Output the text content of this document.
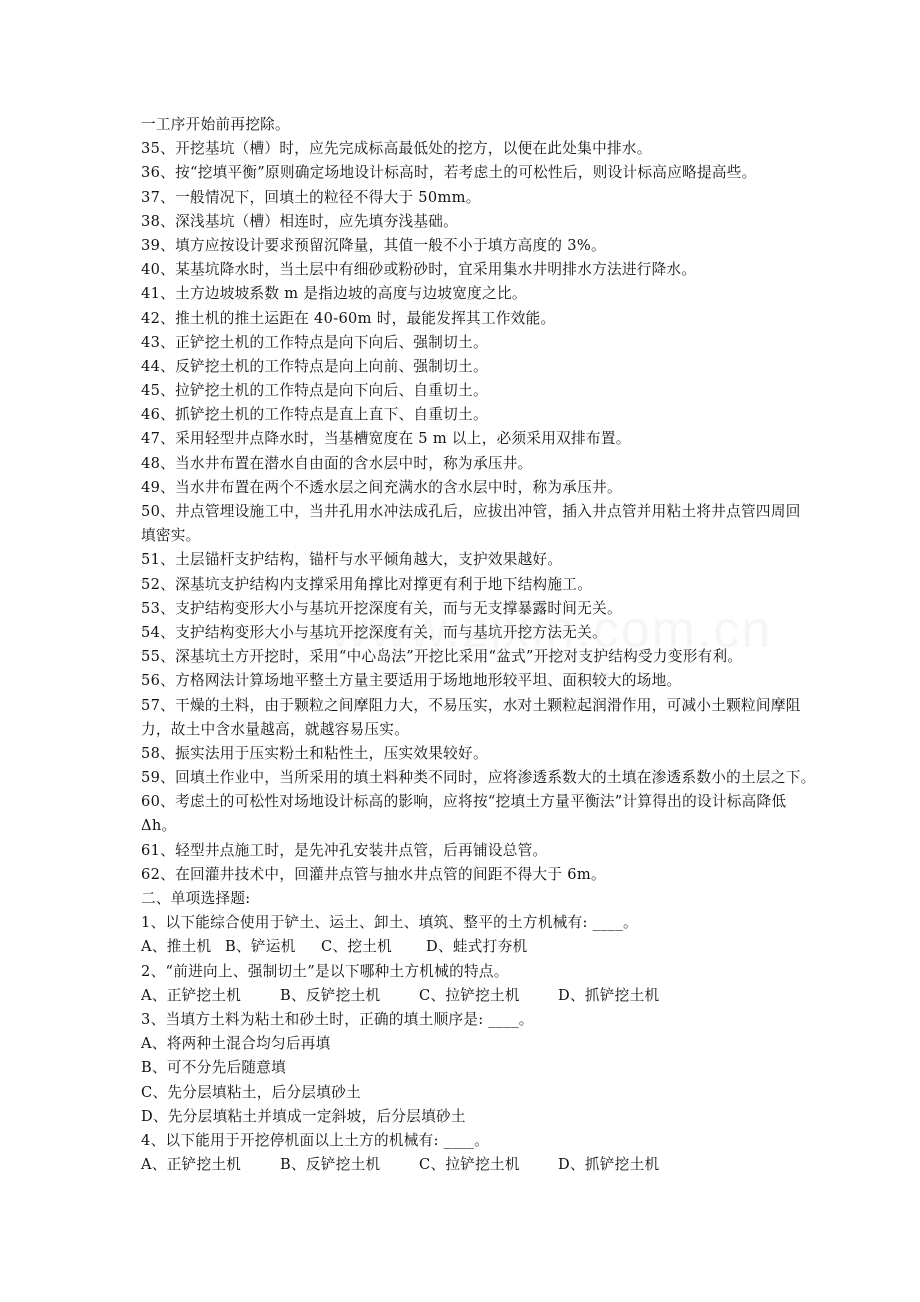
一工序开始前再挖除。
35、开挖基坑（槽）时，应先完成标高最低处的挖方，以便在此处集中排水。
36、按“挖填平衡”原则确定场地设计标高时，若考虑土的可松性后，则设计标高应略提高些。
37、一般情况下，回填土的粒径不得大于 50mm。
38、深浅基坑（槽）相连时，应先填夯浅基础。
39、填方应按设计要求预留沉降量，其值一般不小于填方高度的 3%。
40、某基坑降水时，当土层中有细砂或粉砂时，宜采用集水井明排水方法进行降水。
41、土方边坡坡系数 m 是指边坡的高度与边坡宽度之比。
42、推土机的推土运距在 40-60m 时，最能发挥其工作效能。
43、正铲挖土机的工作特点是向下向后、强制切土。
44、反铲挖土机的工作特点是向上向前、强制切土。
45、拉铲挖土机的工作特点是向下向后、自重切土。
46、抓铲挖土机的工作特点是直上直下、自重切土。
47、采用轻型井点降水时，当基槽宽度在 5 m 以上，必须采用双排布置。
48、当水井布置在潜水自由面的含水层中时，称为承压井。
49、当水井布置在两个不透水层之间充满水的含水层中时，称为承压井。
50、井点管埋设施工中，当井孔用水冲法成孔后，应拔出冲管，插入井点管并用粘土将井点管四周回
填密实。
51、土层锚杆支护结构，锚杆与水平倾角越大，支护效果越好。
52、深基坑支护结构内支撑采用角撑比对撑更有利于地下结构施工。
53、支护结构变形大小与基坑开挖深度有关，而与无支撑暴露时间无关。
54、支护结构变形大小与基坑开挖深度有关，而与基坑开挖方法无关。
55、深基坑土方开挖时，采用“中心岛法”开挖比采用“盆式”开挖对支护结构受力变形有利。
56、方格网法计算场地平整土方量主要适用于场地地形较平坦、面积较大的场地。
57、干燥的土料，由于颗粒之间摩阻力大，不易压实，水对土颗粒起润滑作用，可减小土颗粒间摩阻
力，故土中含水量越高，就越容易压实。
58、振实法用于压实粉土和粘性土，压实效果较好。
59、回填土作业中，当所采用的填土料种类不同时，应将渗透系数大的土填在渗透系数小的土层之下。
60、考虑土的可松性对场地设计标高的影响，应将按“挖填土方量平衡法”计算得出的设计标高降低
Δh。
61、轻型井点施工时，是先冲孔安装井点管，后再铺设总管。
62、在回灌井技术中，回灌井点管与抽水井点管的间距不得大于 6m。
二、单项选择题:
1、以下能综合使用于铲土、运土、卸土、填筑、整平的土方机械有: ____。
A、推土机 B、铲运机	C、挖土机	D、蛙式打夯机
2、“前进向上、强制切土”是以下哪种土方机械的特点。
A、正铲挖土机	B、反铲挖土机	C、拉铲挖土机	D、抓铲挖土机
3、当填方土料为粘土和砂土时，正确的填土顺序是: ____。
A、将两种土混合均匀后再填
B、可不分先后随意填
C、先分层填粘土，后分层填砂土
D、先分层填粘土并填成一定斜坡，后分层填砂土
4、以下能用于开挖停机面以上土方的机械有: ____。
A、正铲挖土机	B、反铲挖土机	C、拉铲挖土机	D、抓铲挖土机
